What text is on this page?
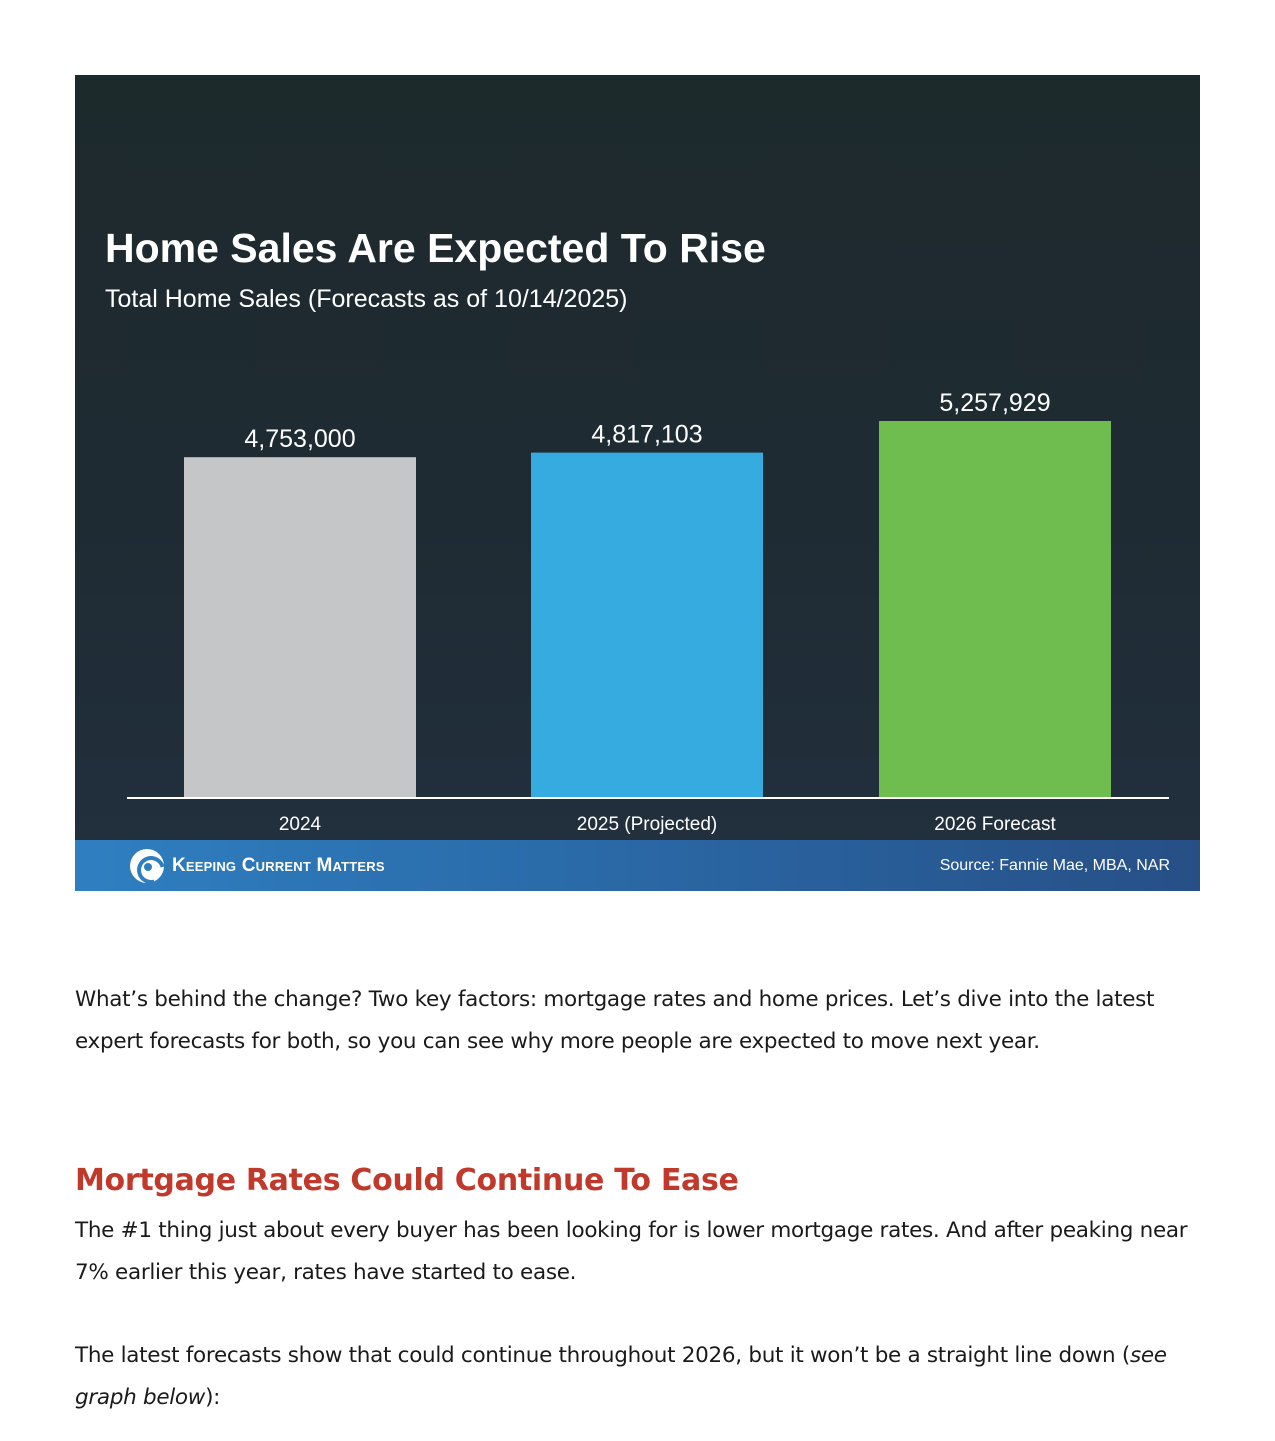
Home Sales Are Expected To Rise
Total Home Sales (Forecasts as of 10/14/2025)
4,753,000
2024
4,817,103
2025 (Projected)
5,257,929
2026 Forecast
Keeping Current Matters	Source: Fannie Mae, MBA, NAR

What’s behind the change? Two key factors: mortgage rates and home prices. Let’s dive into the latest expert forecasts for both, so you can see why more people are expected to move next year.

Mortgage Rates Could Continue To Ease

The #1 thing just about every buyer has been looking for is lower mortgage rates. And after peaking near 7% earlier this year, rates have started to ease.

The latest forecasts show that could continue throughout 2026, but it won’t be a straight line down (see graph below):
